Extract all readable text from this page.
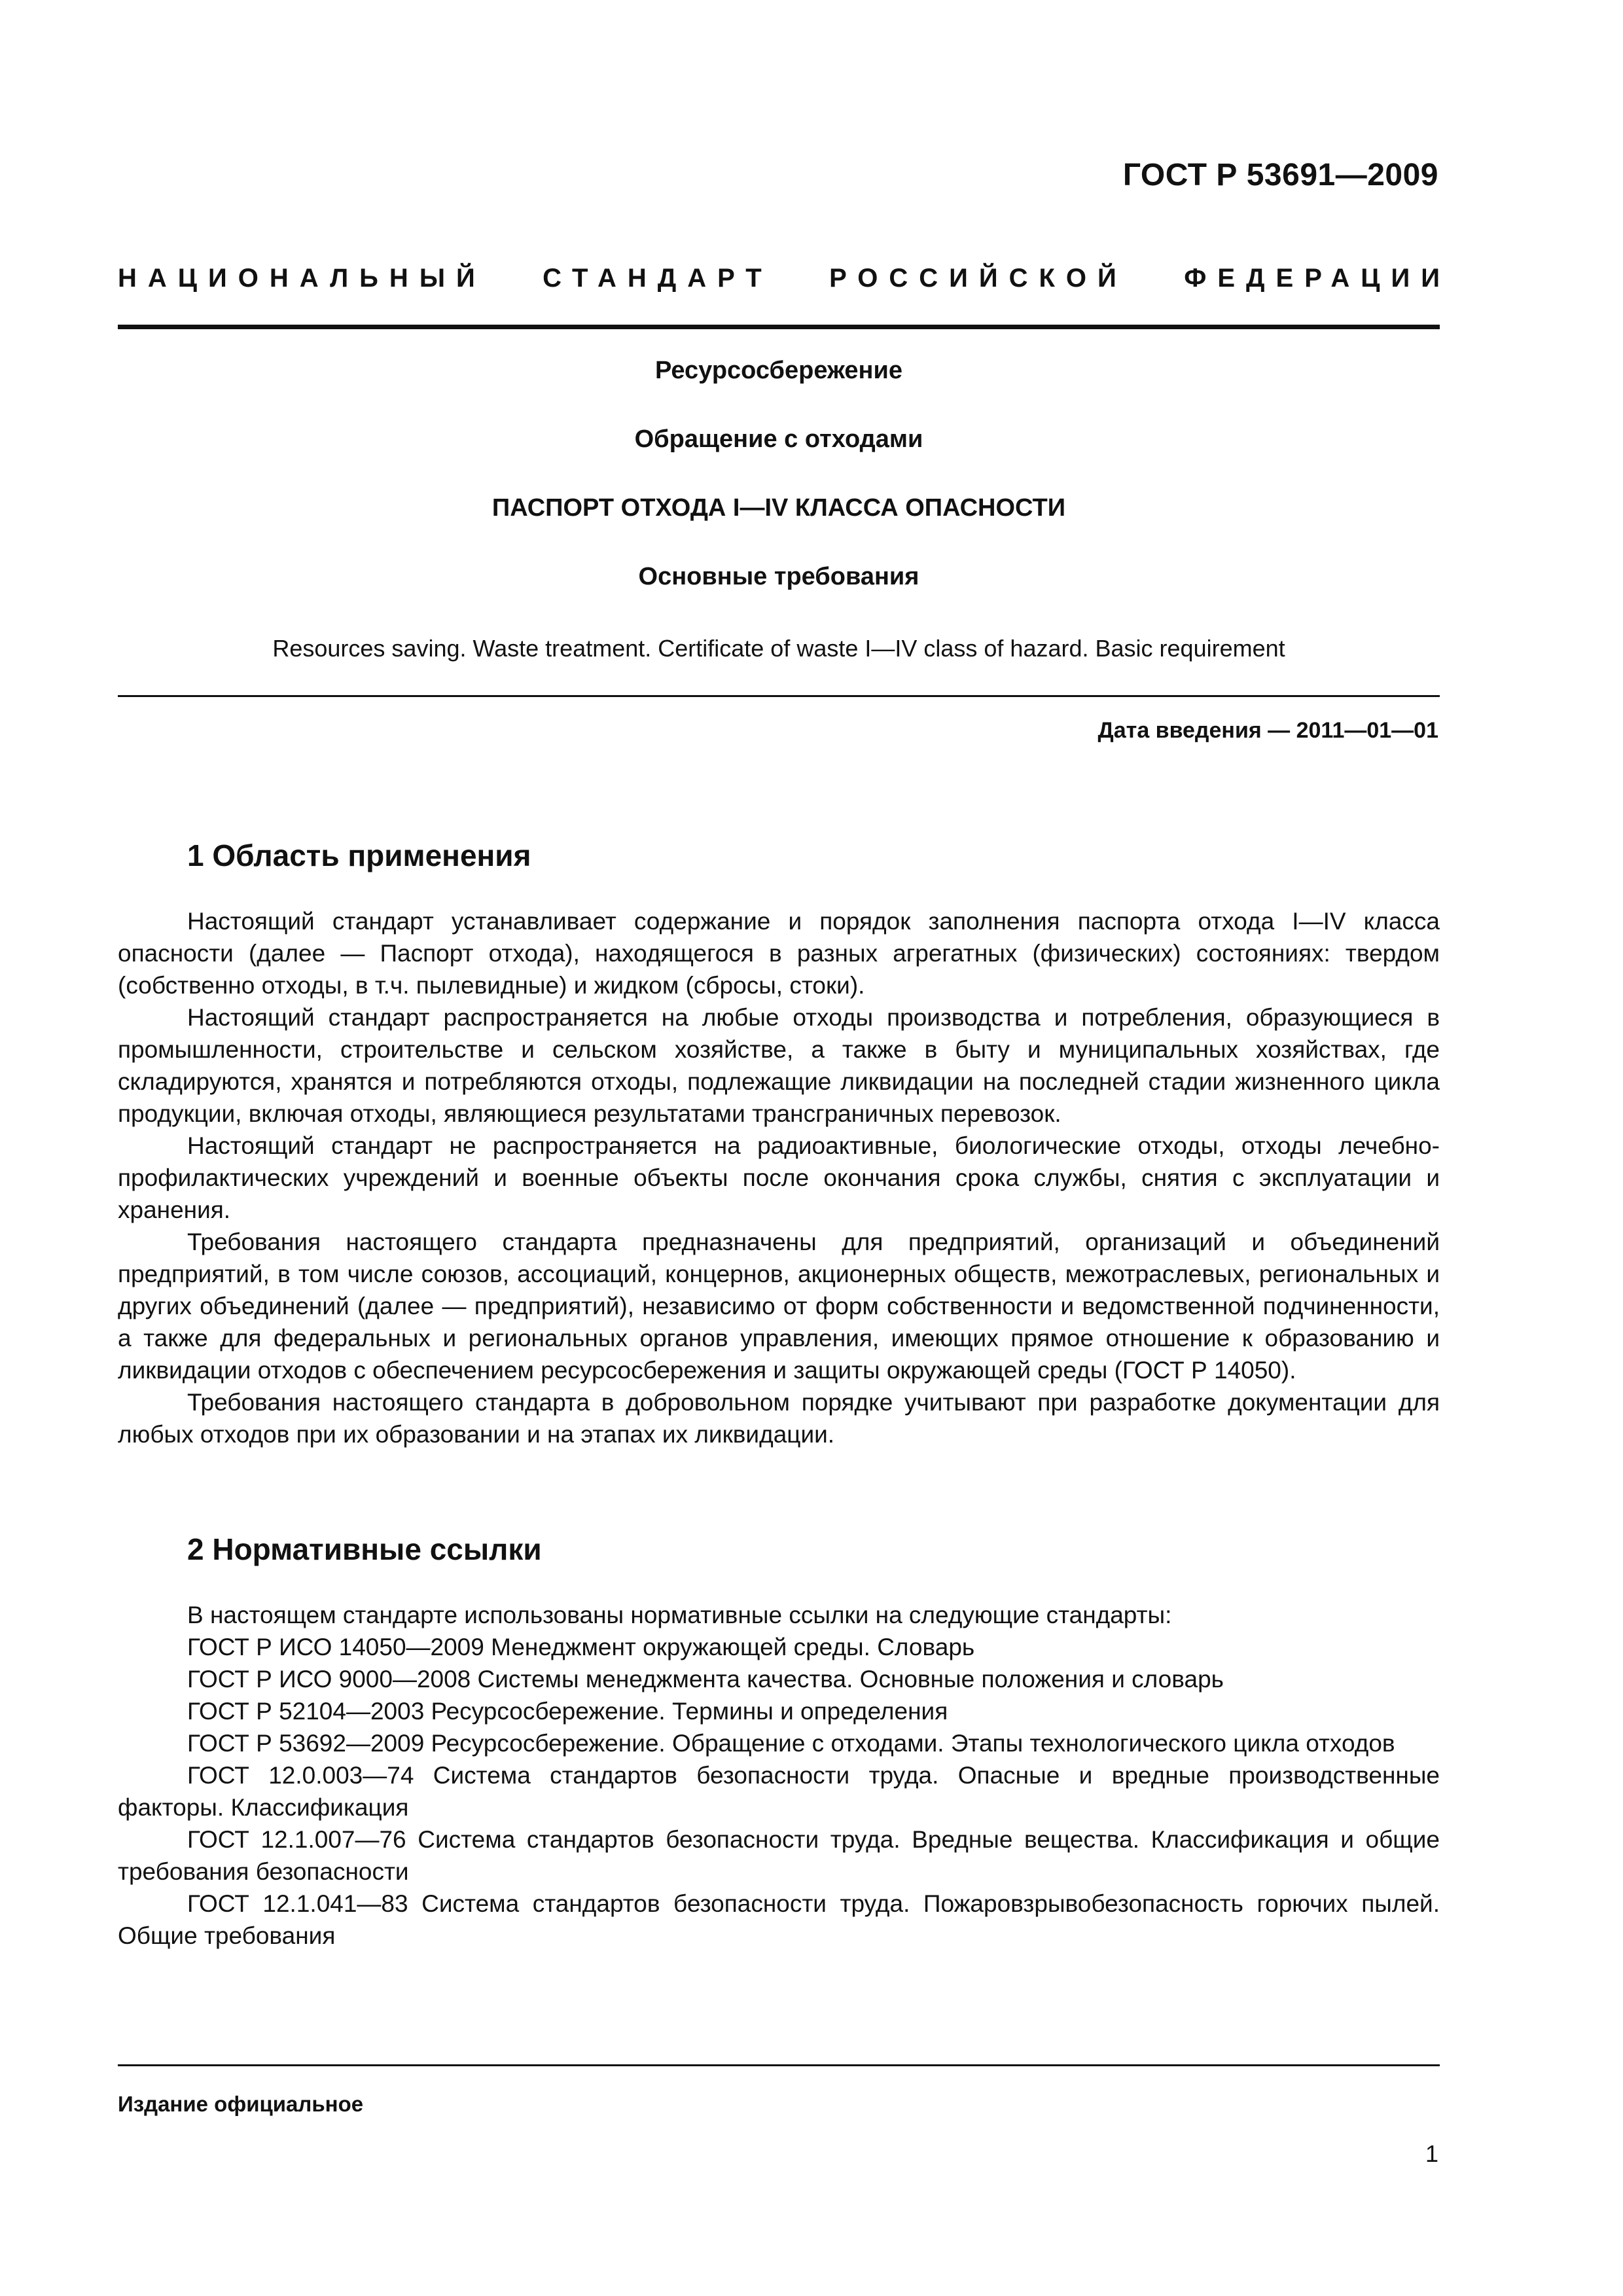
ГОСТ Р 53691—2009
НАЦИОНАЛЬНЫЙ СТАНДАРТ РОССИЙСКОЙ ФЕДЕРАЦИИ
Ресурсосбережение
Обращение с отходами
ПАСПОРТ ОТХОДА I—IV КЛАССА ОПАСНОСТИ
Основные требования
Resources saving. Waste treatment. Certificate of waste I—IV class of hazard. Basic requirement
Дата введения — 2011—01—01
1 Область применения

Настоящий стандарт устанавливает содержание и порядок заполнения паспорта отхода I—IV класса опасности (далее — Паспорт отхода), находящегося в разных агрегатных (физических) состояниях: твердом (собственно отходы, в т.ч. пылевидные) и жидком (сбросы, стоки).

Настоящий стандарт распространяется на любые отходы производства и потребления, образующиеся в промышленности, строительстве и сельском хозяйстве, а также в быту и муниципальных хозяйствах, где складируются, хранятся и потребляются отходы, подлежащие ликвидации на последней стадии жизненного цикла продукции, включая отходы, являющиеся результатами трансграничных перевозок.

Настоящий стандарт не распространяется на радиоактивные, биологические отходы, отходы лечебно-профилактических учреждений и военные объекты после окончания срока службы, снятия с эксплуатации и хранения.

Требования настоящего стандарта предназначены для предприятий, организаций и объединений предприятий, в том числе союзов, ассоциаций, концернов, акционерных обществ, межотраслевых, региональных и других объединений (далее — предприятий), независимо от форм собственности и ведомственной подчиненности, а также для федеральных и региональных органов управления, имеющих прямое отношение к образованию и ликвидации отходов с обеспечением ресурсосбережения и защиты окружающей среды (ГОСТ Р 14050).

Требования настоящего стандарта в добровольном порядке учитывают при разработке документации для любых отходов при их образовании и на этапах их ликвидации.

2 Нормативные ссылки

В настоящем стандарте использованы нормативные ссылки на следующие стандарты:

ГОСТ Р ИСО 14050—2009 Менеджмент окружающей среды. Словарь

ГОСТ Р ИСО 9000—2008 Системы менеджмента качества. Основные положения и словарь

ГОСТ Р 52104—2003 Ресурсосбережение. Термины и определения

ГОСТ Р 53692—2009 Ресурсосбережение. Обращение с отходами. Этапы технологического цикла отходов

ГОСТ 12.0.003—74 Система стандартов безопасности труда. Опасные и вредные производственные факторы. Классификация

ГОСТ 12.1.007—76 Система стандартов безопасности труда. Вредные вещества. Классификация и общие требования безопасности

ГОСТ 12.1.041—83 Система стандартов безопасности труда. Пожаровзрывобезопасность горючих пылей. Общие требования

Издание официальное
1
